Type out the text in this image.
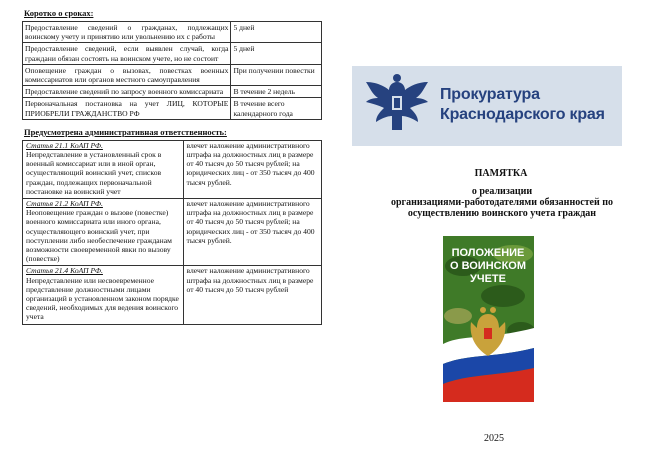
Коротко о сроках:
Предоставление сведений о гражданах, подлежащих воинскому учету и принятию или увольнению их с работы	5 дней
Предоставление сведений, если выявлен случай, когда граждани обязан состоять на воинском учете, но не состоит	5 дней
Оповещение граждан о вызовах, повестках военных комиссариатов или органов местного самоуправления	При получении повестки
Предоставление сведений по запросу военного комиссариата	В течение 2 недель
Первоначальная постановка на учет ЛИЦ, КОТОРЫЕ ПРИОБРЕЛИ ГРАЖДАНСТВО РФ	В течение всего календарного года
Предусмотрена административная ответственность:
Статья 21.1 КоАП РФ.
Непредставление в установленный срок в военный комиссариат или в иной орган, осуществляющий воинский учет, списков граждан, подлежащих первоначальной постановке на воинский учет	влечет наложение административного штрафа на должностных лиц в размере от 40 тысяч до 50 тысяч рублей; на юридических лиц - от 350 тысяч до 400 тысяч рублей.

Статья 21.2 КоАП РФ.
Неоповещение граждан о вызове (повестке) военного комиссариата или иного органа, осуществляющего воинский учет, при поступлении либо необеспечение гражданам возможности своевременной явки по вызову (повестке)	влечет наложение административного штрафа на должностных лиц в размере от 40 тысяч до 50 тысяч рублей; на юридических лиц - от 350 тысяч до 400 тысяч рублей.

Статья 21.4 КоАП РФ.
Непредставление или несвоевременное представление должностными лицами организаций в установленном законом порядке сведений, необходимых для ведения воинского учета	влечет наложение административного штрафа на должностных лиц в размере от 40 тысяч до 50 тысяч рублей
Прокуратура
Краснодарского края
ПАМЯТКА
о реализации
организациями-работодателями обязанностей по
осуществлению воинского учета граждан
ПОЛОЖЕНИЕ
О ВОИНСКОМ
УЧЕТЕ
2025
